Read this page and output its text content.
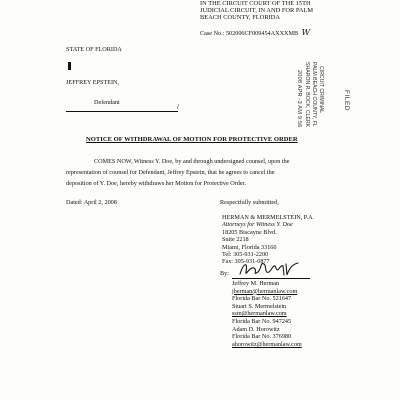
IN THE CIRCUIT COURT OF THE 15TH
JUDICIAL CIRCUIT, IN AND FOR PALM
BEACH COUNTY, FLORIDA
Case No.: 502006CF009454AXXXMB W
STATE OF FLORIDA
JEFFREY EPSTEIN,
Defendant
/	2008 APR -3 AM 9:56 SHARON R. BOCK, CLERK PALM BEACH COUNTY, FL CIRCUIT CRIMINAL	FILED
NOTICE OF WITHDRAWAL OF MOTION FOR PROTECTIVE ORDER
COMES NOW, Witness Y. Doe, by and through undersigned counsel, upon the
representation of counsel for Defendant, Jeffrey Epstein, that he agrees to cancel the
deposition of Y. Doe, hereby withdraws her Motion for Protective Order.
Dated: April 2, 2008	Respectfully submitted,
HERMAN & MERMELSTEIN, P.A.
Attorneys for Witness Y. Doe
18205 Biscayne Blvd.
Suite 2218
Miami, Florida 33160
Tel: 305-931-2200
Fax: 305-931-0877
By:
Jeffrey M. Herman
jherman@hermanlaw.com
Florida Bar No. 521647
Stuart S. Mermelstein
ssm@hermanlaw.com
Florida Bar No. 947245
Adam D. Horowitz
Florida Bar No. 376980
ahorowitz@hermanlaw.com
